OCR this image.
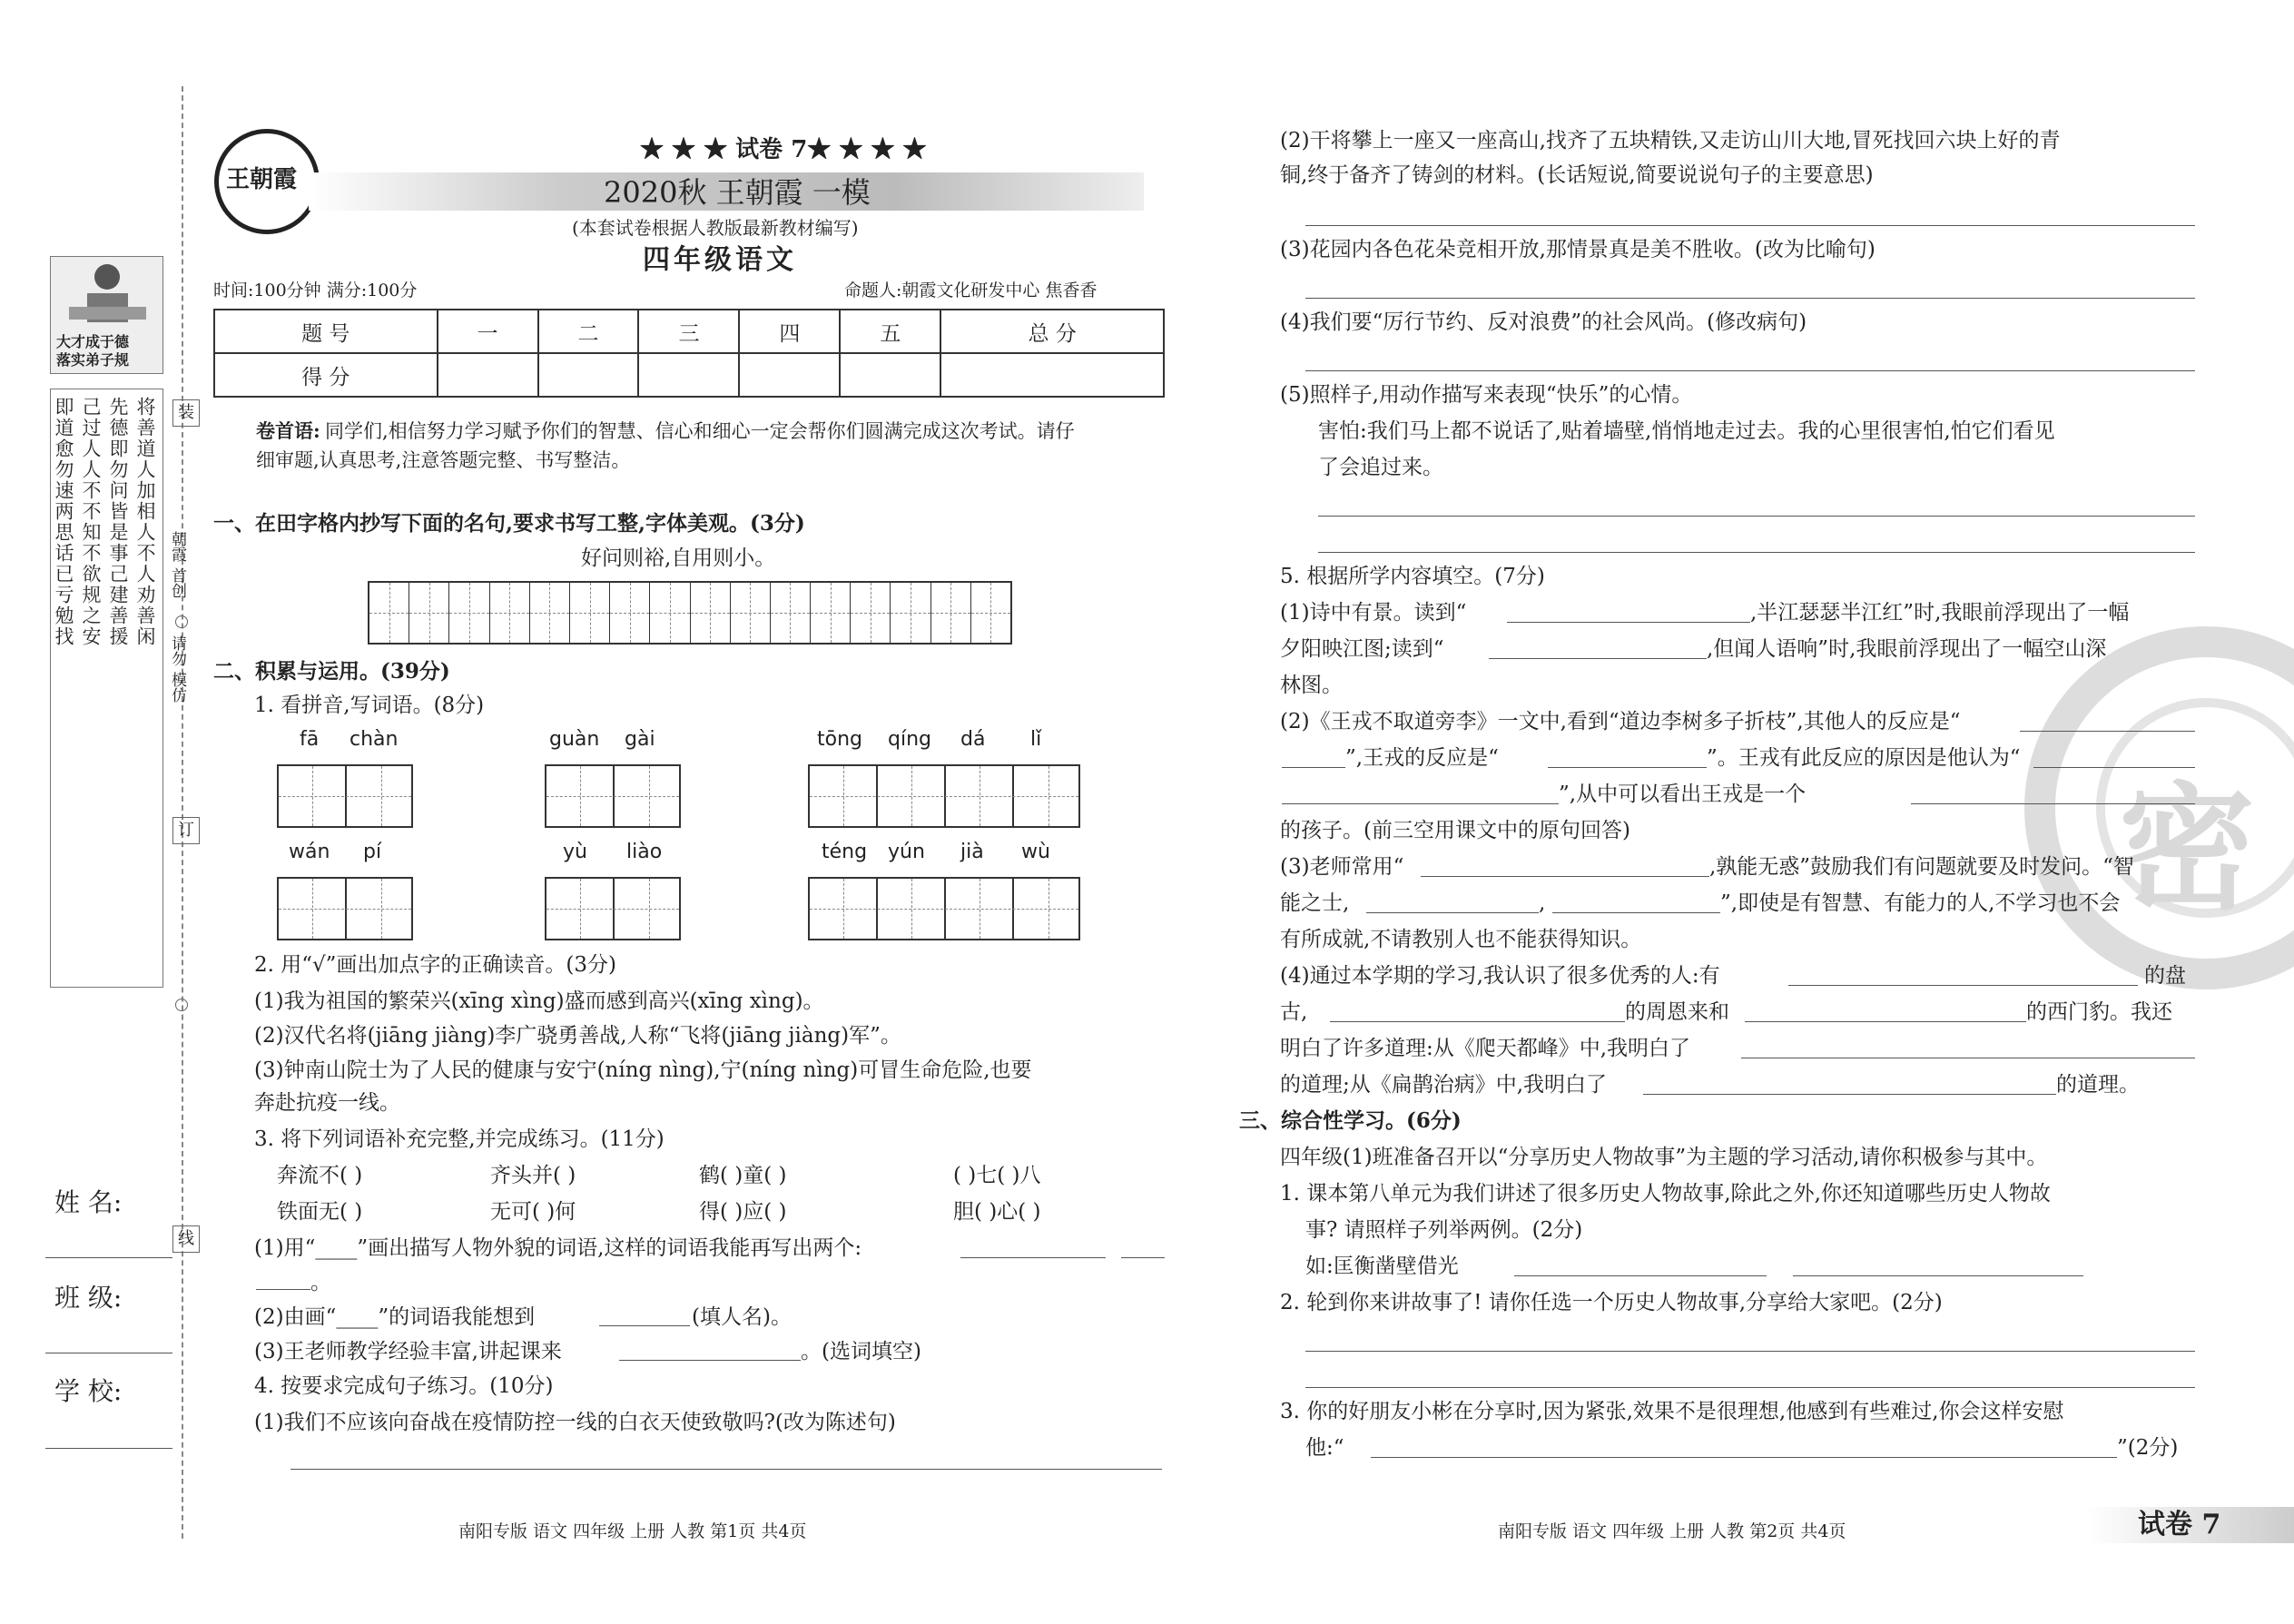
大才成于德
落实弟子规
将善道人加相人不人劝善闲
先德即勿问皆是事己建善援
己过人人不不知不欲规之安
即道愈勿速两思话已亏勉找	装
订
线
朝霞
首创
请勿
模仿
姓 名:
班 级:
学 校:
王朝霞
★ ★ ★ 试卷 7★ ★ ★ ★
2020秋 王朝霞 一模
(本套试卷根据人教版最新教材编写)
四年级语文
时间:100分钟 满分:100分	命题人:朝霞文化研发中心 焦香香
题 号	一	二	三	四	五	总 分
得 分						
卷首语: 同学们,相信努力学习赋予你们的智慧、信心和细心一定会帮你们圆满完成这次考试。请仔
细审题,认真思考,注意答题完整、书写整洁。
一、在田字格内抄写下面的名句,要求书写工整,字体美观。(3分)
好问则裕,自用则小。
二、积累与运用。(39分)
1. 看拼音,写词语。(8分)
fā chàn	guàn gài	tōng qíng dá lǐ
wán pí	yù liào	téng yún jià wù
2. 用“√”画出加点字的正确读音。(3分)
(1)我为祖国的繁荣兴(xīng xìng)盛而感到高兴(xīng xìng)。
(2)汉代名将(jiāng jiàng)李广骁勇善战,人称“飞将(jiāng jiàng)军”。
(3)钟南山院士为了人民的健康与安宁(níng nìng),宁(níng nìng)可冒生命危险,也要
奔赴抗疫一线。
3. 将下列词语补充完整,并完成练习。(11分)
奔流不( )	齐头并( )	鹤( )童( )	( )七( )八
铁面无( )	无可( )何	得( )应( )	胆( )心( )
(1)用“____”画出描写人物外貌的词语,这样的词语我能再写出两个:
。
(2)由画“____”的词语我能想到	(填人名)。
(3)王老师教学经验丰富,讲起课来	。(选词填空)
4. 按要求完成句子练习。(10分)
(1)我们不应该向奋战在疫情防控一线的白衣天使致敬吗?(改为陈述句)
南阳专版 语文 四年级 上册 人教 第1页 共4页
密
(2)干将攀上一座又一座高山,找齐了五块精铁,又走访山川大地,冒死找回六块上好的青
铜,终于备齐了铸剑的材料。(长话短说,简要说说句子的主要意思)
(3)花园内各色花朵竞相开放,那情景真是美不胜收。(改为比喻句)
(4)我们要“厉行节约、反对浪费”的社会风尚。(修改病句)
(5)照样子,用动作描写来表现“快乐”的心情。
害怕:我们马上都不说话了,贴着墙壁,悄悄地走过去。我的心里很害怕,怕它们看见
了会追过来。
5. 根据所学内容填空。(7分)
(1)诗中有景。读到“	,半江瑟瑟半江红”时,我眼前浮现出了一幅
夕阳映江图;读到“	,但闻人语响”时,我眼前浮现出了一幅空山深
林图。
(2)《王戎不取道旁李》一文中,看到“道边李树多子折枝”,其他人的反应是“
”,王戎的反应是“	”。王戎有此反应的原因是他认为“
”,从中可以看出王戎是一个
的孩子。(前三空用课文中的原句回答)
(3)老师常用“	,孰能无惑”鼓励我们有问题就要及时发问。“智
能之士,	,	”,即使是有智慧、有能力的人,不学习也不会
有所成就,不请教别人也不能获得知识。
(4)通过本学期的学习,我认识了很多优秀的人:有	的盘
古,	的周恩来和	的西门豹。我还
明白了许多道理:从《爬天都峰》中,我明白了
的道理;从《扁鹊治病》中,我明白了	的道理。
三、综合性学习。(6分)
四年级(1)班准备召开以“分享历史人物故事”为主题的学习活动,请你积极参与其中。
1. 课本第八单元为我们讲述了很多历史人物故事,除此之外,你还知道哪些历史人物故
事? 请照样子列举两例。(2分)
如:匡衡凿壁借光
2. 轮到你来讲故事了! 请你任选一个历史人物故事,分享给大家吧。(2分)
3. 你的好朋友小彬在分享时,因为紧张,效果不是很理想,他感到有些难过,你会这样安慰
他:“	”(2分)
南阳专版 语文 四年级 上册 人教 第2页 共4页	试卷 7
